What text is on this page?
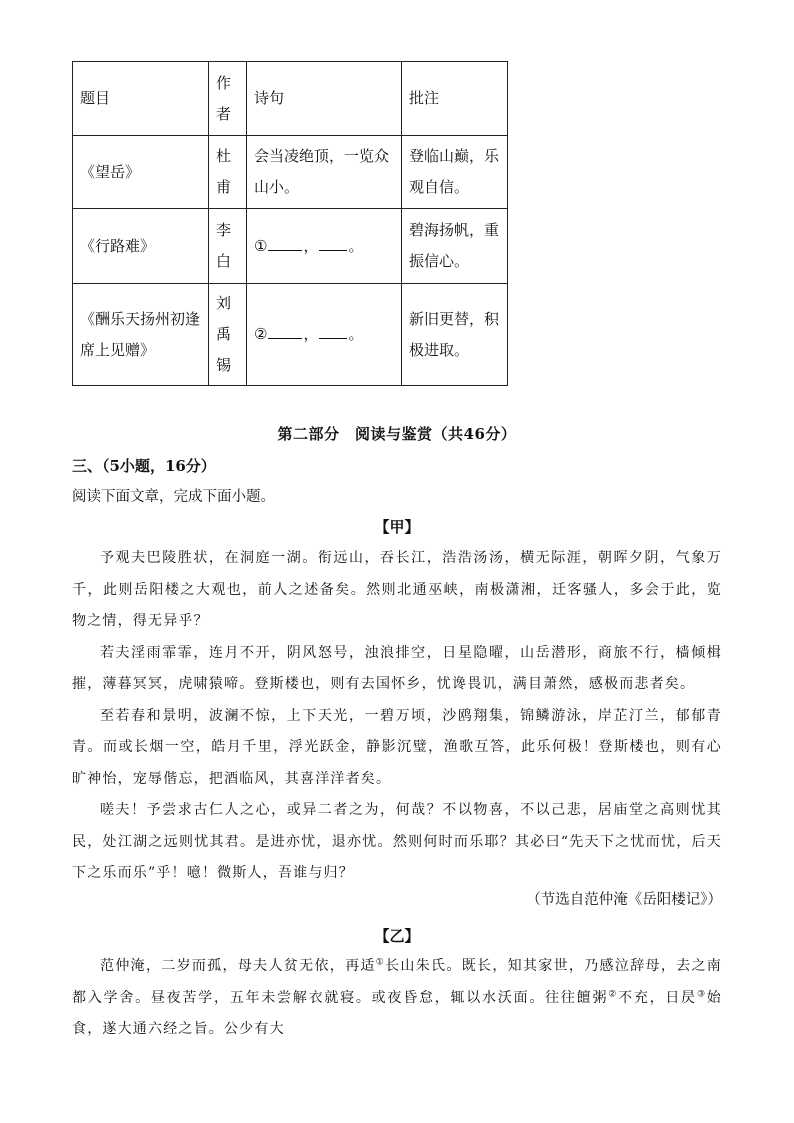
题目	作者	诗句	批注
《望岳》	杜甫	会当凌绝顶，一览众山小。	登临山巅，乐观自信。
《行路难》	李白	① ， 。	碧海扬帆，重振信心。
《酬乐天扬州初逢席上见赠》	刘禹锡	② ， 。	新旧更替，积极进取。
第二部分　阅读与鉴赏（共46分）
三、（5小题，16分）
阅读下面文章，完成下面小题。
【甲】

予观夫巴陵胜状，在洞庭一湖。衔远山，吞长江，浩浩汤汤，横无际涯，朝晖夕阴，气象万千，此则岳阳楼之大观也，前人之述备矣。然则北通巫峡，南极潇湘，迁客骚人，多会于此，览物之情，得无异乎？

若夫淫雨霏霏，连月不开，阴风怒号，浊浪排空，日星隐曜，山岳潜形，商旅不行，樯倾楫摧，薄暮冥冥，虎啸猿啼。登斯楼也，则有去国怀乡，忧谗畏讥，满目萧然，感极而悲者矣。

至若春和景明，波澜不惊，上下天光，一碧万顷，沙鸥翔集，锦鳞游泳，岸芷汀兰，郁郁青青。而或长烟一空，皓月千里，浮光跃金，静影沉璧，渔歌互答，此乐何极！登斯楼也，则有心旷神怡，宠辱偕忘，把酒临风，其喜洋洋者矣。

嗟夫！予尝求古仁人之心，或异二者之为，何哉？不以物喜，不以己悲，居庙堂之高则忧其民，处江湖之远则忧其君。是进亦忧，退亦忧。然则何时而乐耶？其必曰“先天下之忧而忧，后天下之乐而乐”乎！噫！微斯人，吾谁与归？

（节选自范仲淹《岳阳楼记》）
【乙】

范仲淹，二岁而孤，母夫人贫无依，再适①长山朱氏。既长，知其家世，乃感泣辞母，去之南都入学舍。昼夜苦学，五年未尝解衣就寝。或夜昏怠，辄以水沃面。往往饘粥②不充，日昃③始食，遂大通六经之旨。公少有大
